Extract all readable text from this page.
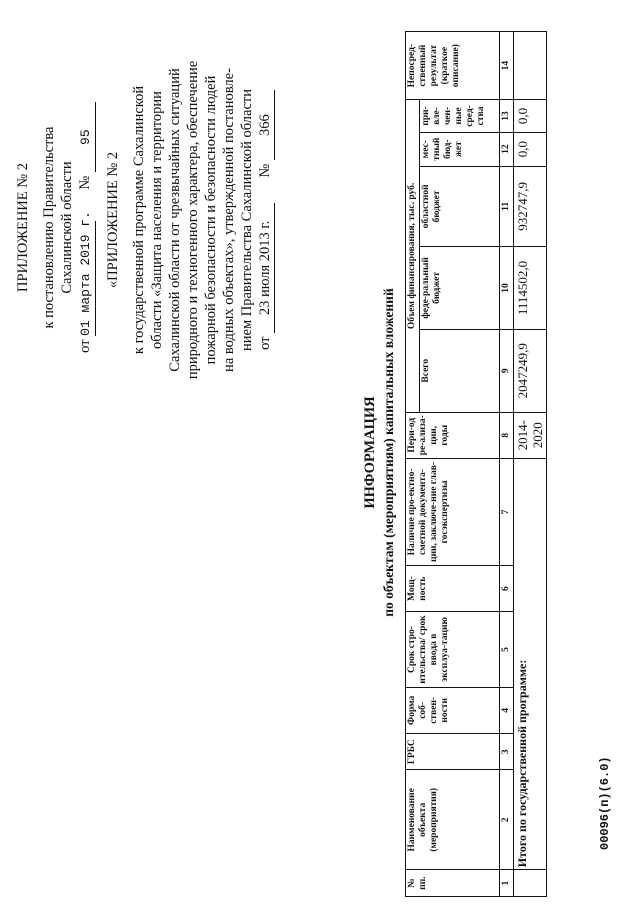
ПРИЛОЖЕНИЕ № 2 к постановлению Правительства Сахалинской области
от 01 марта 2019 г.  № 95
«ПРИЛОЖЕНИЕ № 2 к государственной программе Сахалинской области «Защита населения и территории Сахалинской области от чрезвычайных ситуаций природного и техногенного характера, обеспечение пожарной безопасности и безопасности людей на водных объектах», утвержденной постановле- нием Правительства Сахалинской области от 23 июля 2013 г.  № 366
ИНФОРМАЦИЯ по объектам (мероприятиям) капитальных вложений
№ пп.	Наименование объекта (мероприятия)	ГРБС	Форма соб-ствен-ности	Срок стро-ительства/ срок ввода в эксплуа-тацию	Мощ-ность	Наличие про-ектно-сметной документа-ции, заключе-ние глав-госэкспертизы	Пери-од ре-ализа-ции, годы	Объем финансирования, тыс. руб.					Непосред-ственный результат (краткое описание)
								Всего	феде-ральный бюджет	областной бюджет	мес-тный бюд-жет	при-вле-чен-ные сред-ства	
1	2	3	4	5	6	7	8	9	10	11	12	13	14
	Итого по государственной программе:						2014-2020	2047249,9	1114502,0	932747,9	0,0	0,0	
00096(п)(6.0)
